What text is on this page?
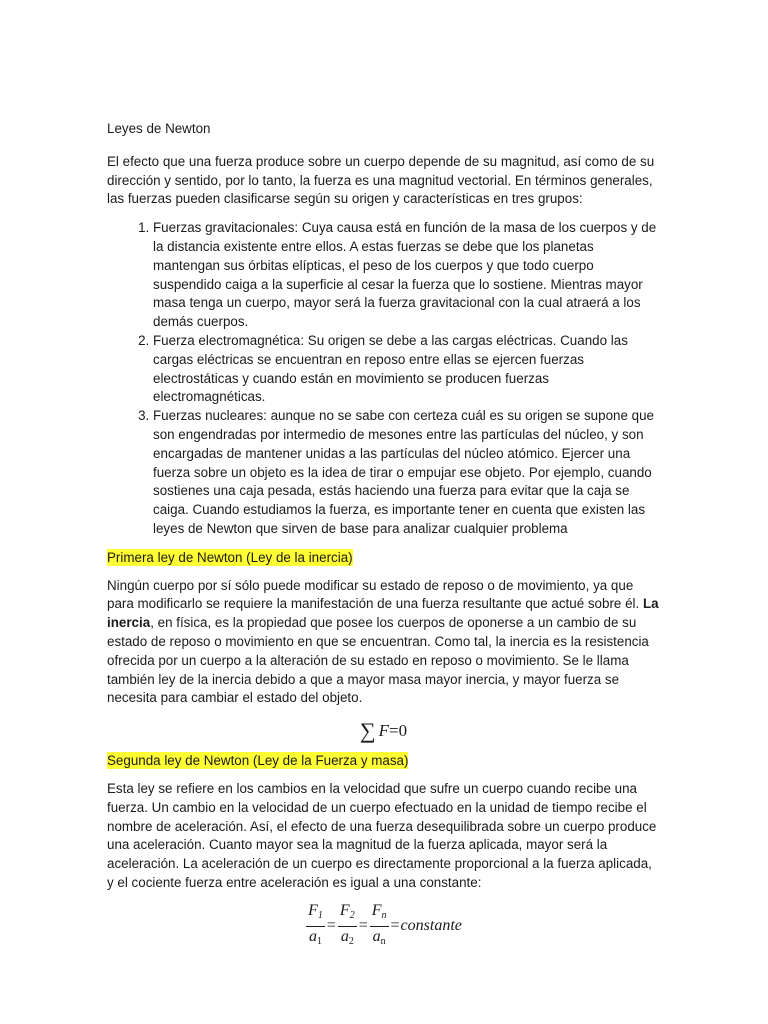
Leyes de Newton

El efecto que una fuerza produce sobre un cuerpo depende de su magnitud, así como de su dirección y sentido, por lo tanto, la fuerza es una magnitud vectorial. En términos generales, las fuerzas pueden clasificarse según su origen y características en tres grupos:

1. Fuerzas gravitacionales: Cuya causa está en función de la masa de los cuerpos y de la distancia existente entre ellos. A estas fuerzas se debe que los planetas mantengan sus órbitas elípticas, el peso de los cuerpos y que todo cuerpo suspendido caiga a la superficie al cesar la fuerza que lo sostiene. Mientras mayor masa tenga un cuerpo, mayor será la fuerza gravitacional con la cual atraerá a los demás cuerpos.
2. Fuerza electromagnética: Su origen se debe a las cargas eléctricas. Cuando las cargas eléctricas se encuentran en reposo entre ellas se ejercen fuerzas electrostáticas y cuando están en movimiento se producen fuerzas electromagnéticas.
3. Fuerzas nucleares: aunque no se sabe con certeza cuál es su origen se supone que son engendradas por intermedio de mesones entre las partículas del núcleo, y son encargadas de mantener unidas a las partículas del núcleo atómico. Ejercer una fuerza sobre un objeto es la idea de tirar o empujar ese objeto. Por ejemplo, cuando sostienes una caja pesada, estás haciendo una fuerza para evitar que la caja se caiga. Cuando estudiamos la fuerza, es importante tener en cuenta que existen las leyes de Newton que sirven de base para analizar cualquier problema

Primera ley de Newton (Ley de la inercia)

Ningún cuerpo por sí sólo puede modificar su estado de reposo o de movimiento, ya que para modificarlo se requiere la manifestación de una fuerza resultante que actué sobre él. La inercia, en física, es la propiedad que posee los cuerpos de oponerse a un cambio de su estado de reposo o movimiento en que se encuentran. Como tal, la inercia es la resistencia ofrecida por un cuerpo a la alteración de su estado en reposo o movimiento. Se le llama también ley de la inercia debido a que a mayor masa mayor inercia, y mayor fuerza se necesita para cambiar el estado del objeto.

∑ F=0

Segunda ley de Newton (Ley de la Fuerza y masa)

Esta ley se refiere en los cambios en la velocidad que sufre un cuerpo cuando recibe una fuerza. Un cambio en la velocidad de un cuerpo efectuado en la unidad de tiempo recibe el nombre de aceleración. Así, el efecto de una fuerza desequilibrada sobre un cuerpo produce una aceleración. Cuanto mayor sea la magnitud de la fuerza aplicada, mayor será la aceleración. La aceleración de un cuerpo es directamente proporcional a la fuerza aplicada, y el cociente fuerza entre aceleración es igual a una constante:

$\frac{F_1}{a_1} = \frac{F_2}{a_2} = \frac{F_n}{a_n}$ = constante
